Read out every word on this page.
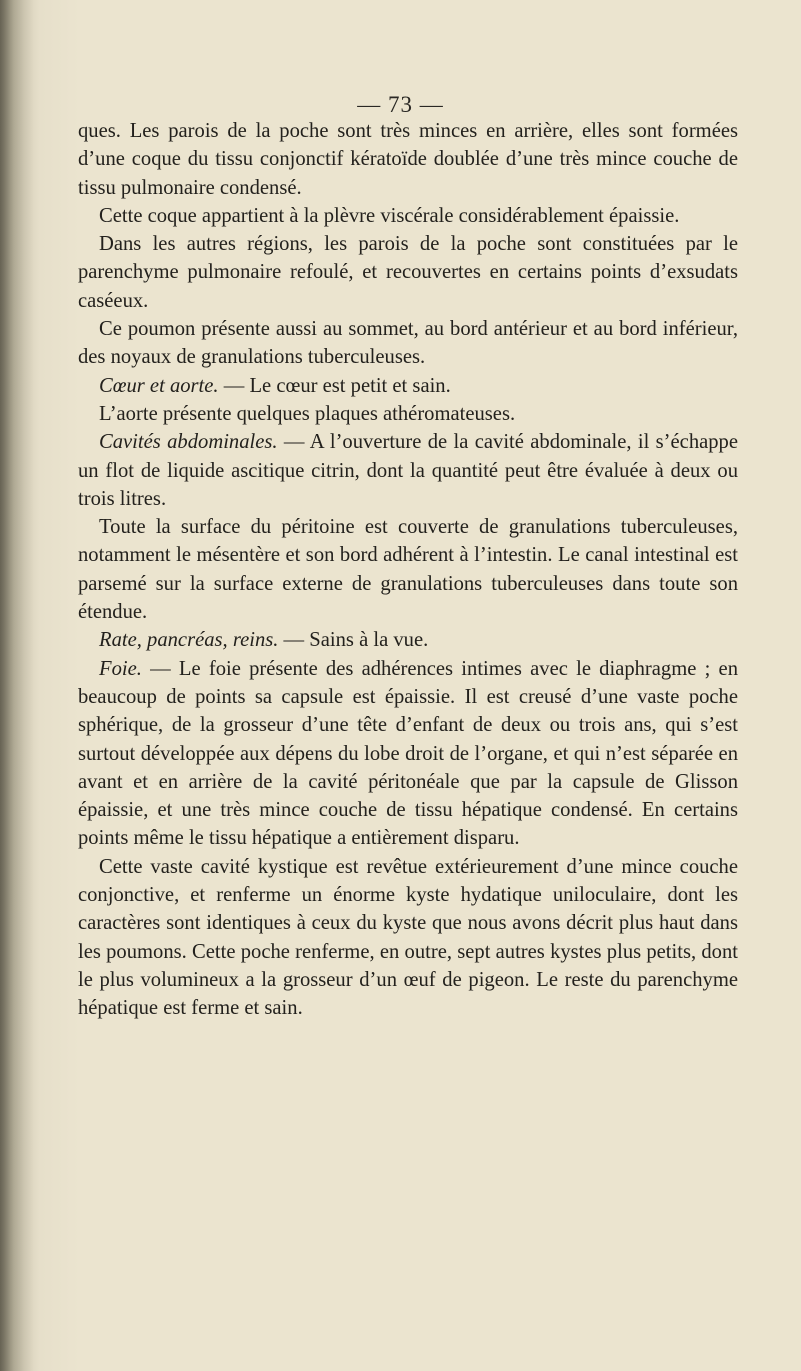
— 73 —

ques. Les parois de la poche sont très minces en arrière, elles sont formées d’une coque du tissu conjonctif kératoïde doublée d’une très mince couche de tissu pulmonaire condensé.

Cette coque appartient à la plèvre viscérale considérablement épaissie.

Dans les autres régions, les parois de la poche sont constituées par le parenchyme pulmonaire refoulé, et recouvertes en certains points d’exsudats caséeux.

Ce poumon présente aussi au sommet, au bord antérieur et au bord inférieur, des noyaux de granulations tuberculeuses.

Cœur et aorte. — Le cœur est petit et sain.

L’aorte présente quelques plaques athéromateuses.

Cavités abdominales. — A l’ouverture de la cavité abdominale, il s’échappe un flot de liquide ascitique citrin, dont la quantité peut être évaluée à deux ou trois litres.

Toute la surface du péritoine est couverte de granulations tuberculeuses, notamment le mésentère et son bord adhérent à l’intestin. Le canal intestinal est parsemé sur la surface externe de granulations tuberculeuses dans toute son étendue.

Rate, pancréas, reins. — Sains à la vue.

Foie. — Le foie présente des adhérences intimes avec le diaphragme ; en beaucoup de points sa capsule est épaissie. Il est creusé d’une vaste poche sphérique, de la grosseur d’une tête d’enfant de deux ou trois ans, qui s’est surtout développée aux dépens du lobe droit de l’organe, et qui n’est séparée en avant et en arrière de la cavité péritonéale que par la capsule de Glisson épaissie, et une très mince couche de tissu hépatique condensé. En certains points même le tissu hépatique a entièrement disparu.

Cette vaste cavité kystique est revêtue extérieurement d’une mince couche conjonctive, et renferme un énorme kyste hydatique uniloculaire, dont les caractères sont identiques à ceux du kyste que nous avons décrit plus haut dans les poumons. Cette poche renferme, en outre, sept autres kystes plus petits, dont le plus volumineux a la grosseur d’un œuf de pigeon. Le reste du parenchyme hépatique est ferme et sain.
